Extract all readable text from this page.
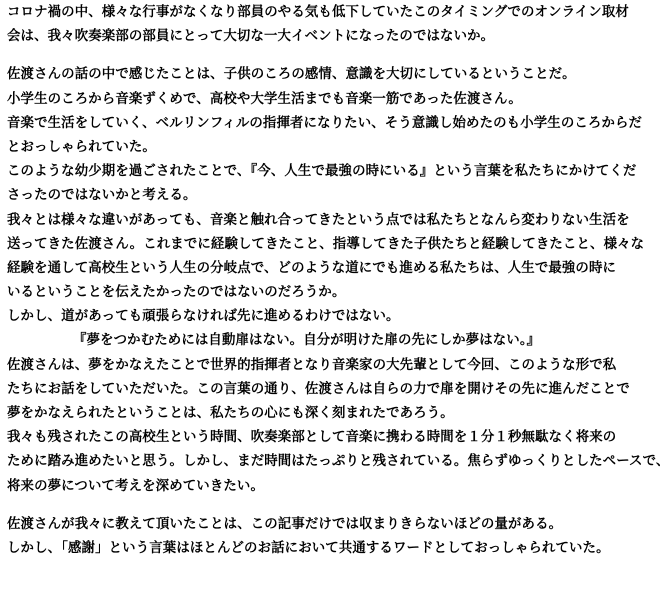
コロナ禍の中、様々な行事がなくなり部員のやる気も低下していたこのタイミングでのオンライン取材
会は、我々吹奏楽部の部員にとって大切な一大イベントになったのではないか。
佐渡さんの話の中で感じたことは、子供のころの感情、意識を大切にしているということだ。
小学生のころから音楽ずくめで、高校や大学生活までも音楽一筋であった佐渡さん。
音楽で生活をしていく、ベルリンフィルの指揮者になりたい、そう意識し始めたのも小学生のころからだ
とおっしゃられていた。
このような幼少期を過ごされたことで、『今、人生で最強の時にいる』という言葉を私たちにかけてくだ
さったのではないかと考える。
我々とは様々な違いがあっても、音楽と触れ合ってきたという点では私たちとなんら変わりない生活を
送ってきた佐渡さん。これまでに経験してきたこと、指導してきた子供たちと経験してきたこと、様々な
経験を通して高校生という人生の分岐点で、どのような道にでも進める私たちは、人生で最強の時に
いるということを伝えたかったのではないのだろうか。
しかし、道があっても頑張らなければ先に進めるわけではない。
『夢をつかむためには自動扉はない。自分が明けた扉の先にしか夢はない。』
佐渡さんは、夢をかなえたことで世界的指揮者となり音楽家の大先輩として今回、このような形で私
たちにお話をしていただいた。この言葉の通り、佐渡さんは自らの力で扉を開けその先に進んだことで
夢をかなえられたということは、私たちの心にも深く刻まれたであろう。
我々も残されたこの高校生という時間、吹奏楽部として音楽に携わる時間を１分１秒無駄なく将来の
ために踏み進めたいと思う。しかし、まだ時間はたっぷりと残されている。焦らずゆっくりとしたペースで、
将来の夢について考えを深めていきたい。
佐渡さんが我々に教えて頂いたことは、この記事だけでは収まりきらないほどの量がある。
しかし、「感謝」という言葉はほとんどのお話において共通するワードとしておっしゃられていた。
